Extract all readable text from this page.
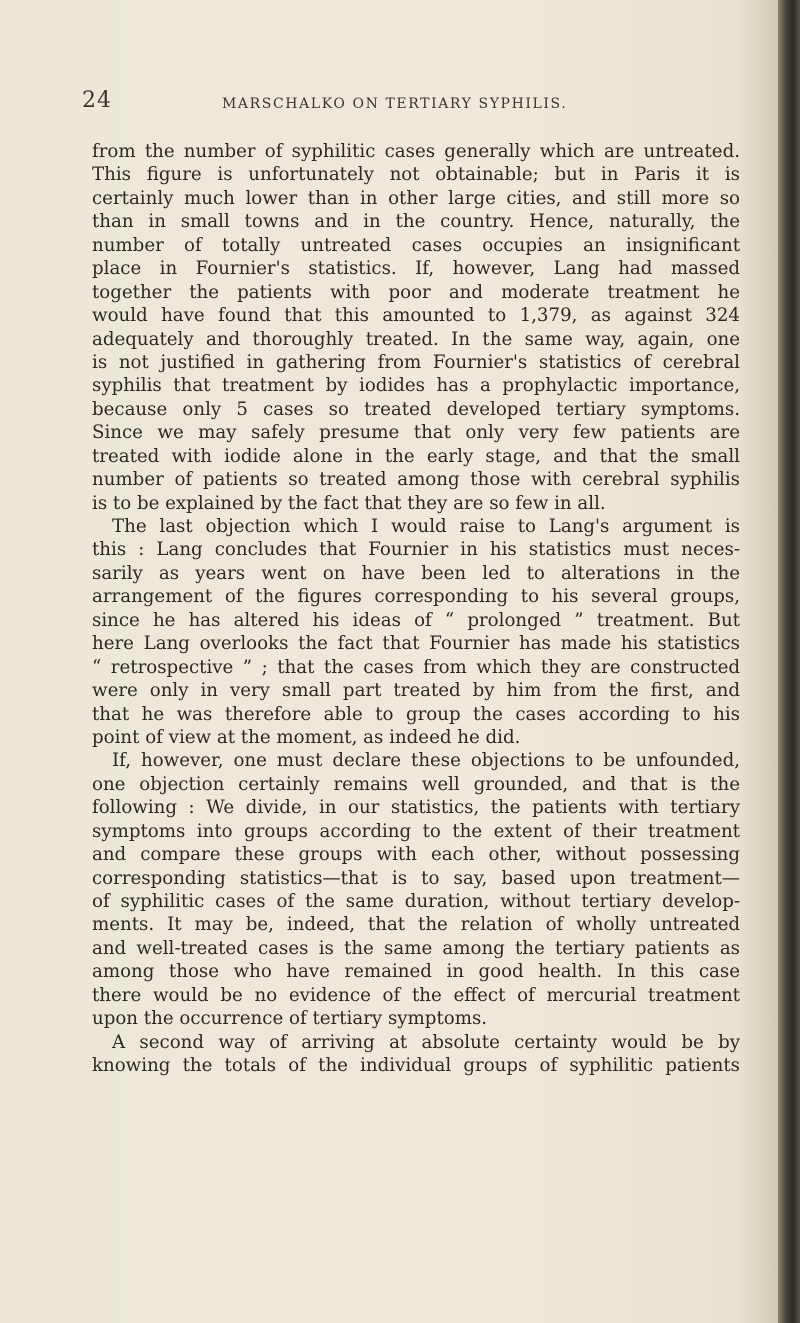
24	MARSCHALKO ON TERTIARY SYPHILIS.
from the number of syphilitic cases generally which are untreated.
This figure is unfortunately not obtainable; but in Paris it is
certainly much lower than in other large cities, and still more so
than in small towns and in the country. Hence, naturally, the
number of totally untreated cases occupies an insignificant
place in Fournier's statistics. If, however, Lang had massed
together the patients with poor and moderate treatment he
would have found that this amounted to 1,379, as against 324
adequately and thoroughly treated. In the same way, again, one
is not justified in gathering from Fournier's statistics of cerebral
syphilis that treatment by iodides has a prophylactic importance,
because only 5 cases so treated developed tertiary symptoms.
Since we may safely presume that only very few patients are
treated with iodide alone in the early stage, and that the small
number of patients so treated among those with cerebral syphilis
is to be explained by the fact that they are so few in all.
The last objection which I would raise to Lang's argument is
this : Lang concludes that Fournier in his statistics must neces-
sarily as years went on have been led to alterations in the
arrangement of the figures corresponding to his several groups,
since he has altered his ideas of “ prolonged ” treatment. But
here Lang overlooks the fact that Fournier has made his statistics
“ retrospective ” ; that the cases from which they are constructed
were only in very small part treated by him from the first, and
that he was therefore able to group the cases according to his
point of view at the moment, as indeed he did.
If, however, one must declare these objections to be unfounded,
one objection certainly remains well grounded, and that is the
following : We divide, in our statistics, the patients with tertiary
symptoms into groups according to the extent of their treatment
and compare these groups with each other, without possessing
corresponding statistics—that is to say, based upon treatment—
of syphilitic cases of the same duration, without tertiary develop-
ments. It may be, indeed, that the relation of wholly untreated
and well-treated cases is the same among the tertiary patients as
among those who have remained in good health. In this case
there would be no evidence of the effect of mercurial treatment
upon the occurrence of tertiary symptoms.
A second way of arriving at absolute certainty would be by
knowing the totals of the individual groups of syphilitic patients
